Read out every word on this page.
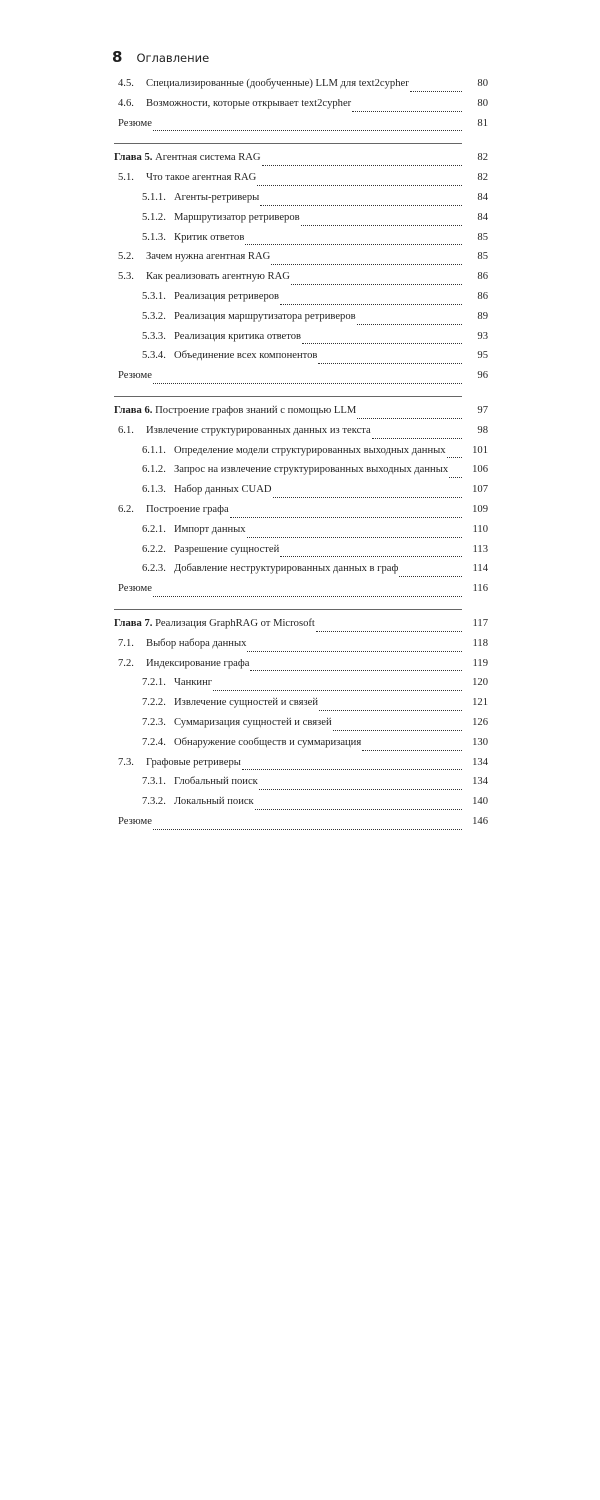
8 Оглавление
4.5. Специализированные (дообученные) LLM для text2cypher	80
4.6. Возможности, которые открывает text2cypher	80
Резюме	81
Глава 5. Агентная система RAG	82
5.1. Что такое агентная RAG	82
5.1.1. Агенты-ретриверы	84
5.1.2. Маршрутизатор ретриверов	84
5.1.3. Критик ответов	85
5.2. Зачем нужна агентная RAG	85
5.3. Как реализовать агентную RAG	86
5.3.1. Реализация ретриверов	86
5.3.2. Реализация маршрутизатора ретриверов	89
5.3.3. Реализация критика ответов	93
5.3.4. Объединение всех компонентов	95
Резюме	96
Глава 6. Построение графов знаний с помощью LLM	97
6.1. Извлечение структурированных данных из текста	98
6.1.1. Определение модели структурированных выходных данных	101
6.1.2. Запрос на извлечение структурированных выходных данных	106
6.1.3. Набор данных CUAD	107
6.2. Построение графа	109
6.2.1. Импорт данных	110
6.2.2. Разрешение сущностей	113
6.2.3. Добавление неструктурированных данных в граф	114
Резюме	116
Глава 7. Реализация GraphRAG от Microsoft	117
7.1. Выбор набора данных	118
7.2. Индексирование графа	119
7.2.1. Чанкинг	120
7.2.2. Извлечение сущностей и связей	121
7.2.3. Суммаризация сущностей и связей	126
7.2.4. Обнаружение сообществ и суммаризация	130
7.3. Графовые ретриверы	134
7.3.1. Глобальный поиск	134
7.3.2. Локальный поиск	140
Резюме	146
